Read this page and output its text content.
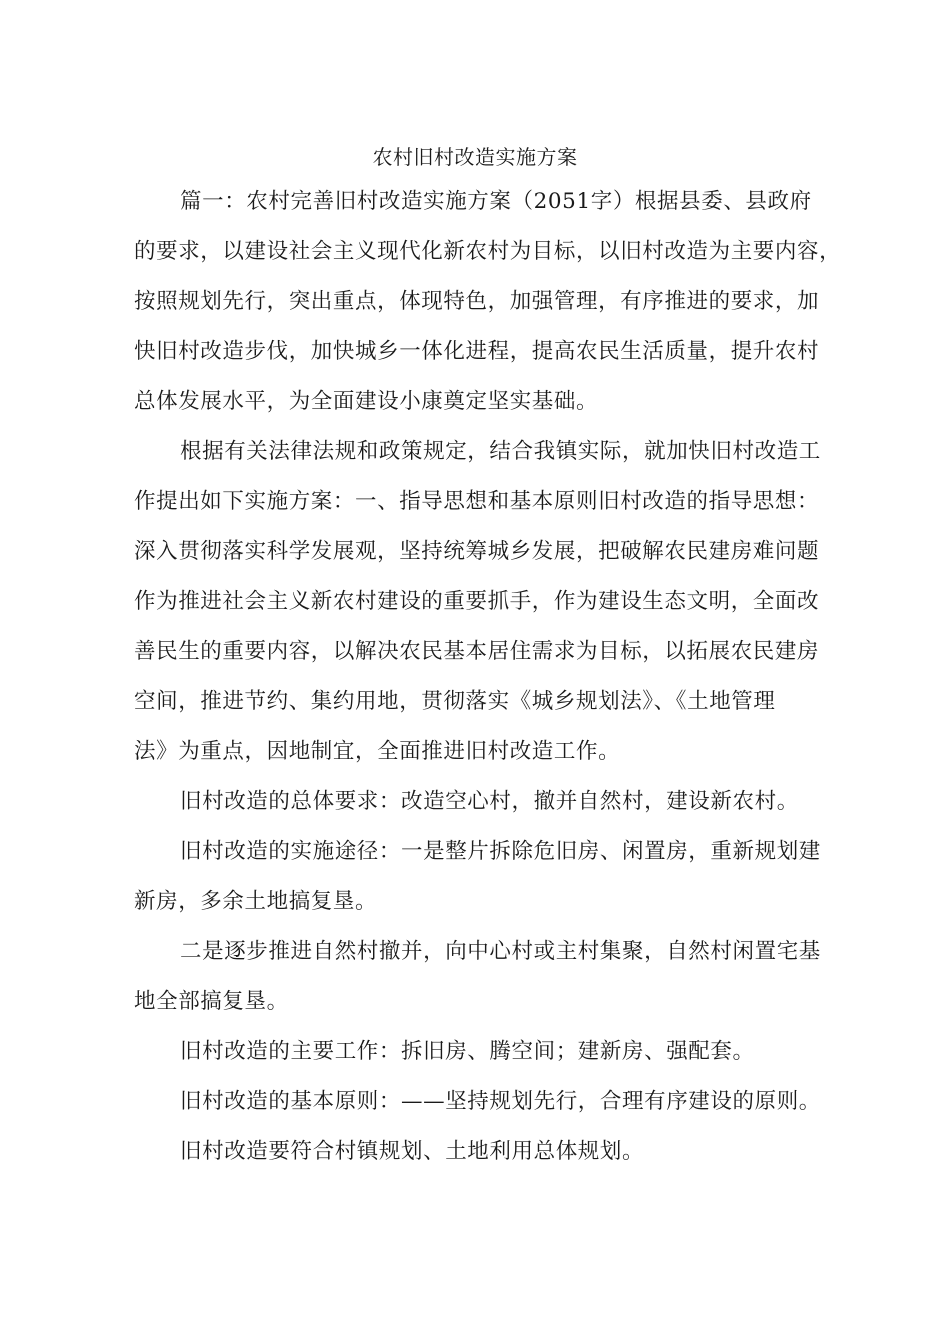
农村旧村改造实施方案
篇一：农村完善旧村改造实施方案（2051字）根据县委、县政府
的要求，以建设社会主义现代化新农村为目标，以旧村改造为主要内容，
按照规划先行，突出重点，体现特色，加强管理，有序推进的要求，加
快旧村改造步伐，加快城乡一体化进程，提高农民生活质量，提升农村
总体发展水平，为全面建设小康奠定坚实基础。
根据有关法律法规和政策规定，结合我镇实际，就加快旧村改造工
作提出如下实施方案：一、指导思想和基本原则旧村改造的指导思想：
深入贯彻落实科学发展观，坚持统筹城乡发展，把破解农民建房难问题
作为推进社会主义新农村建设的重要抓手，作为建设生态文明，全面改
善民生的重要内容，以解决农民基本居住需求为目标，以拓展农民建房
空间，推进节约、集约用地，贯彻落实《城乡规划法》、《土地管理
法》为重点，因地制宜，全面推进旧村改造工作。
旧村改造的总体要求：改造空心村，撤并自然村，建设新农村。
旧村改造的实施途径：一是整片拆除危旧房、闲置房，重新规划建
新房，多余土地搞复垦。
二是逐步推进自然村撤并，向中心村或主村集聚，自然村闲置宅基
地全部搞复垦。
旧村改造的主要工作：拆旧房、腾空间；建新房、强配套。
旧村改造的基本原则：——坚持规划先行，合理有序建设的原则。
旧村改造要符合村镇规划、土地利用总体规划。
